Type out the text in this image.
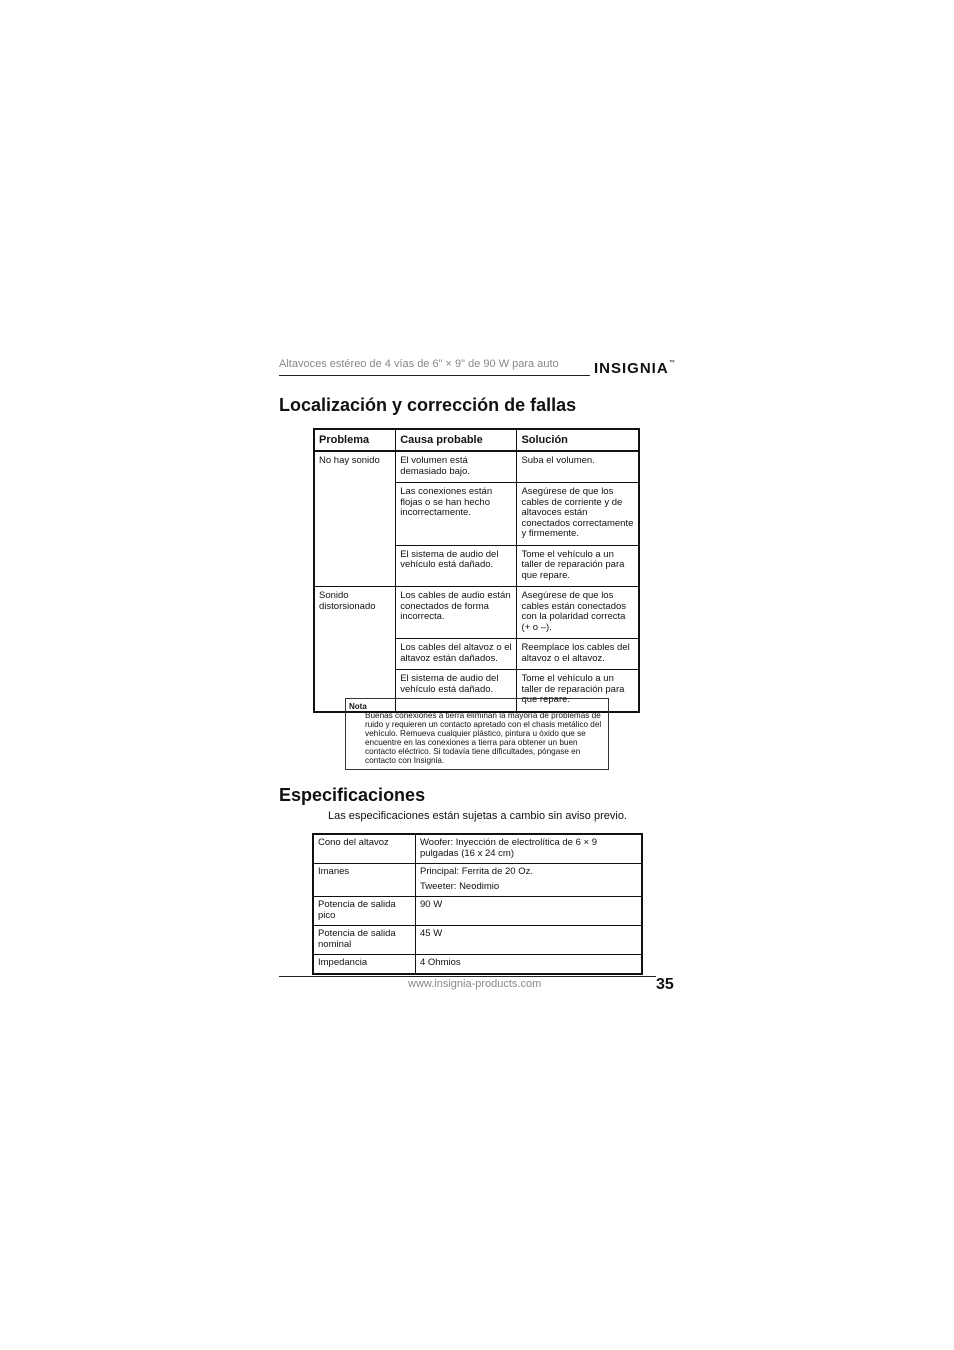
Altavoces estéreo de 4 vías de 6" × 9" de 90 W para auto INSIGNIA™
Localización y corrección de fallas
Problema	Causa probable	Solución
No hay sonido	El volumen está demasiado bajo.	Suba el volumen.
	Las conexiones están flojas o se han hecho incorrectamente.	Asegúrese de que los cables de corriente y de altavoces están conectados correctamente y firmemente.
	El sistema de audio del vehículo está dañado.	Tome el vehículo a un taller de reparación para que repare.
Sonido distorsionado	Los cables de audio están conectados de forma incorrecta.	Asegúrese de que los cables están conectados con la polaridad correcta (+ o –).
	Los cables del altavoz o el altavoz están dañados.	Reemplace los cables del altavoz o el altavoz.
	El sistema de audio del vehículo está dañado.	Tome el vehículo a un taller de reparación para que repare.
Nota
Buenas conexiones a tierra eliminan la mayoría de problemas de ruido y requieren un contacto apretado con el chasis metálico del vehículo. Remueva cualquier plástico, pintura u óxido que se encuentre en las conexiones a tierra para obtener un buen contacto eléctrico. Si todavía tiene dificultades, póngase en contacto con Insignia.
Especificaciones
Las especificaciones están sujetas a cambio sin aviso previo.
Cono del altavoz	Woofer: Inyección de electrolítica de 6 × 9 pulgadas (16 x 24 cm)
Imanes	Principal: Ferrita de 20 Oz.
Tweeter: Neodimio
Potencia de salida pico	90 W
Potencia de salida nominal	45 W
Impedancia	4 Ohmios
www.insignia-products.com	35
